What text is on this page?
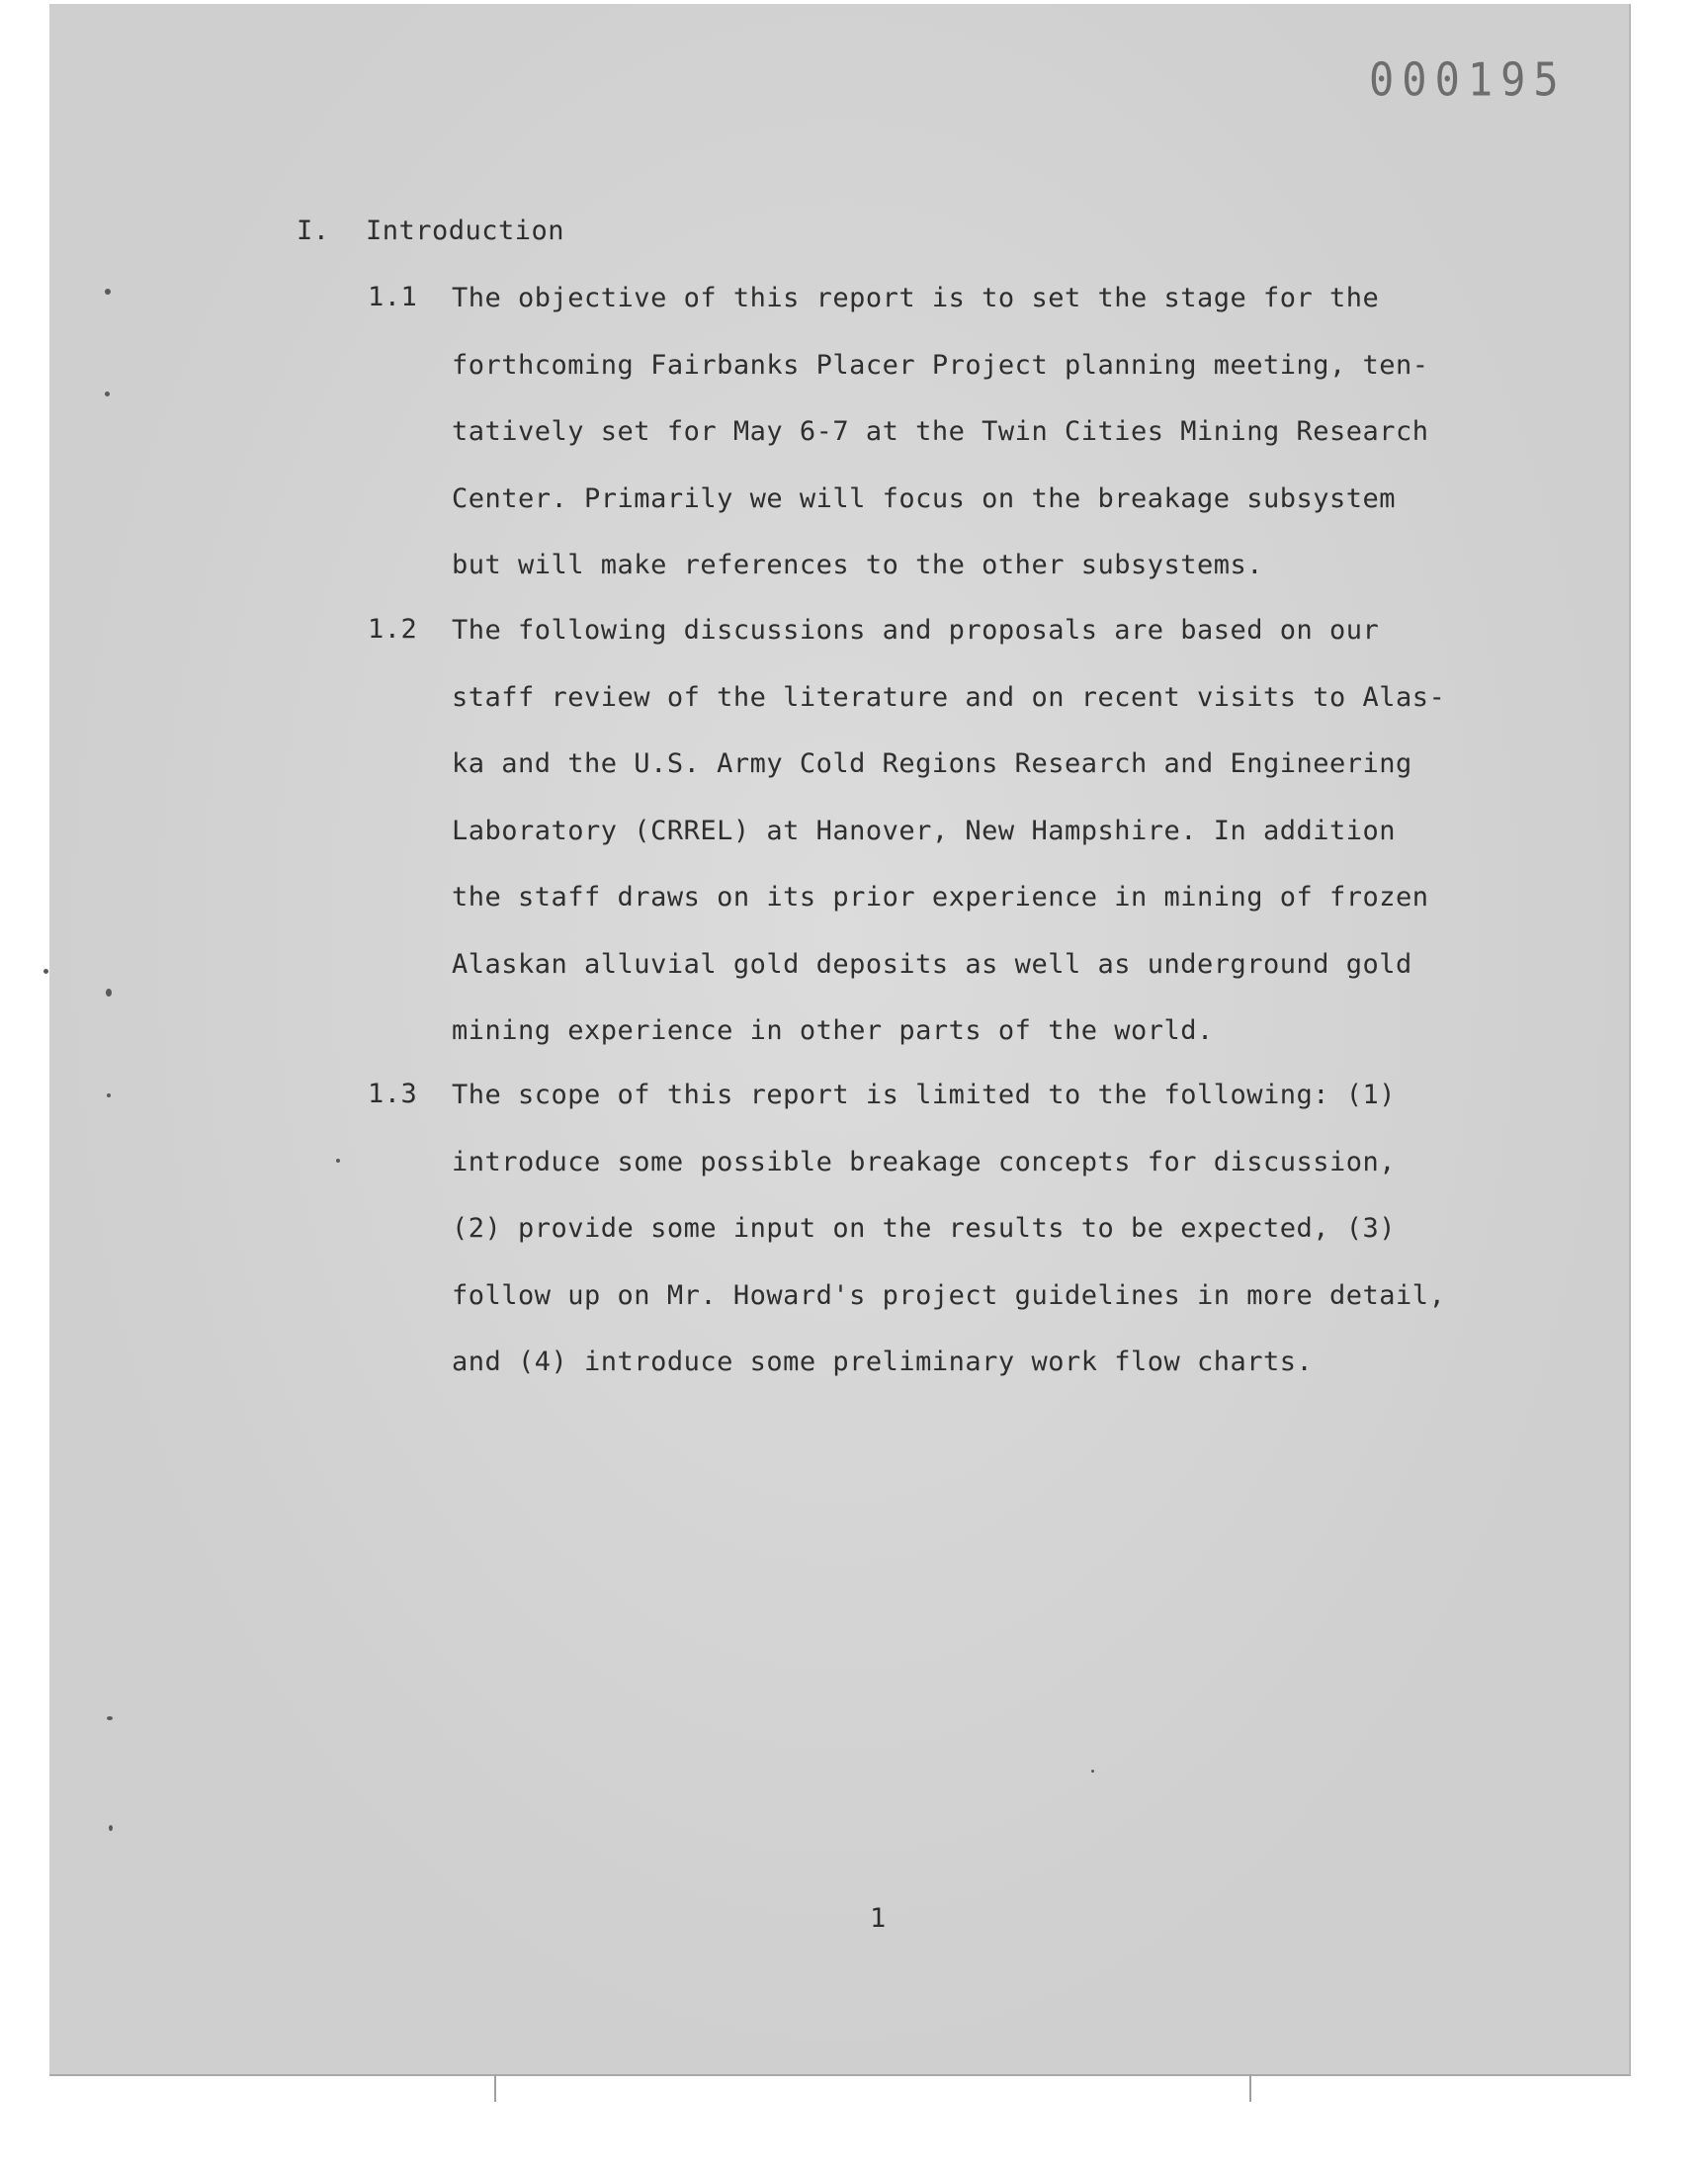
000195
I. Introduction
1.1 The objective of this report is to set the stage for the
forthcoming Fairbanks Placer Project planning meeting, ten-
tatively set for May 6-7 at the Twin Cities Mining Research
Center. Primarily we will focus on the breakage subsystem
but will make references to the other subsystems.
1.2 The following discussions and proposals are based on our
staff review of the literature and on recent visits to Alas-
ka and the U.S. Army Cold Regions Research and Engineering
Laboratory (CRREL) at Hanover, New Hampshire. In addition
the staff draws on its prior experience in mining of frozen
Alaskan alluvial gold deposits as well as underground gold
mining experience in other parts of the world.
1.3 The scope of this report is limited to the following: (1)
introduce some possible breakage concepts for discussion,
(2) provide some input on the results to be expected, (3)
follow up on Mr. Howard's project guidelines in more detail,
and (4) introduce some preliminary work flow charts.
1
